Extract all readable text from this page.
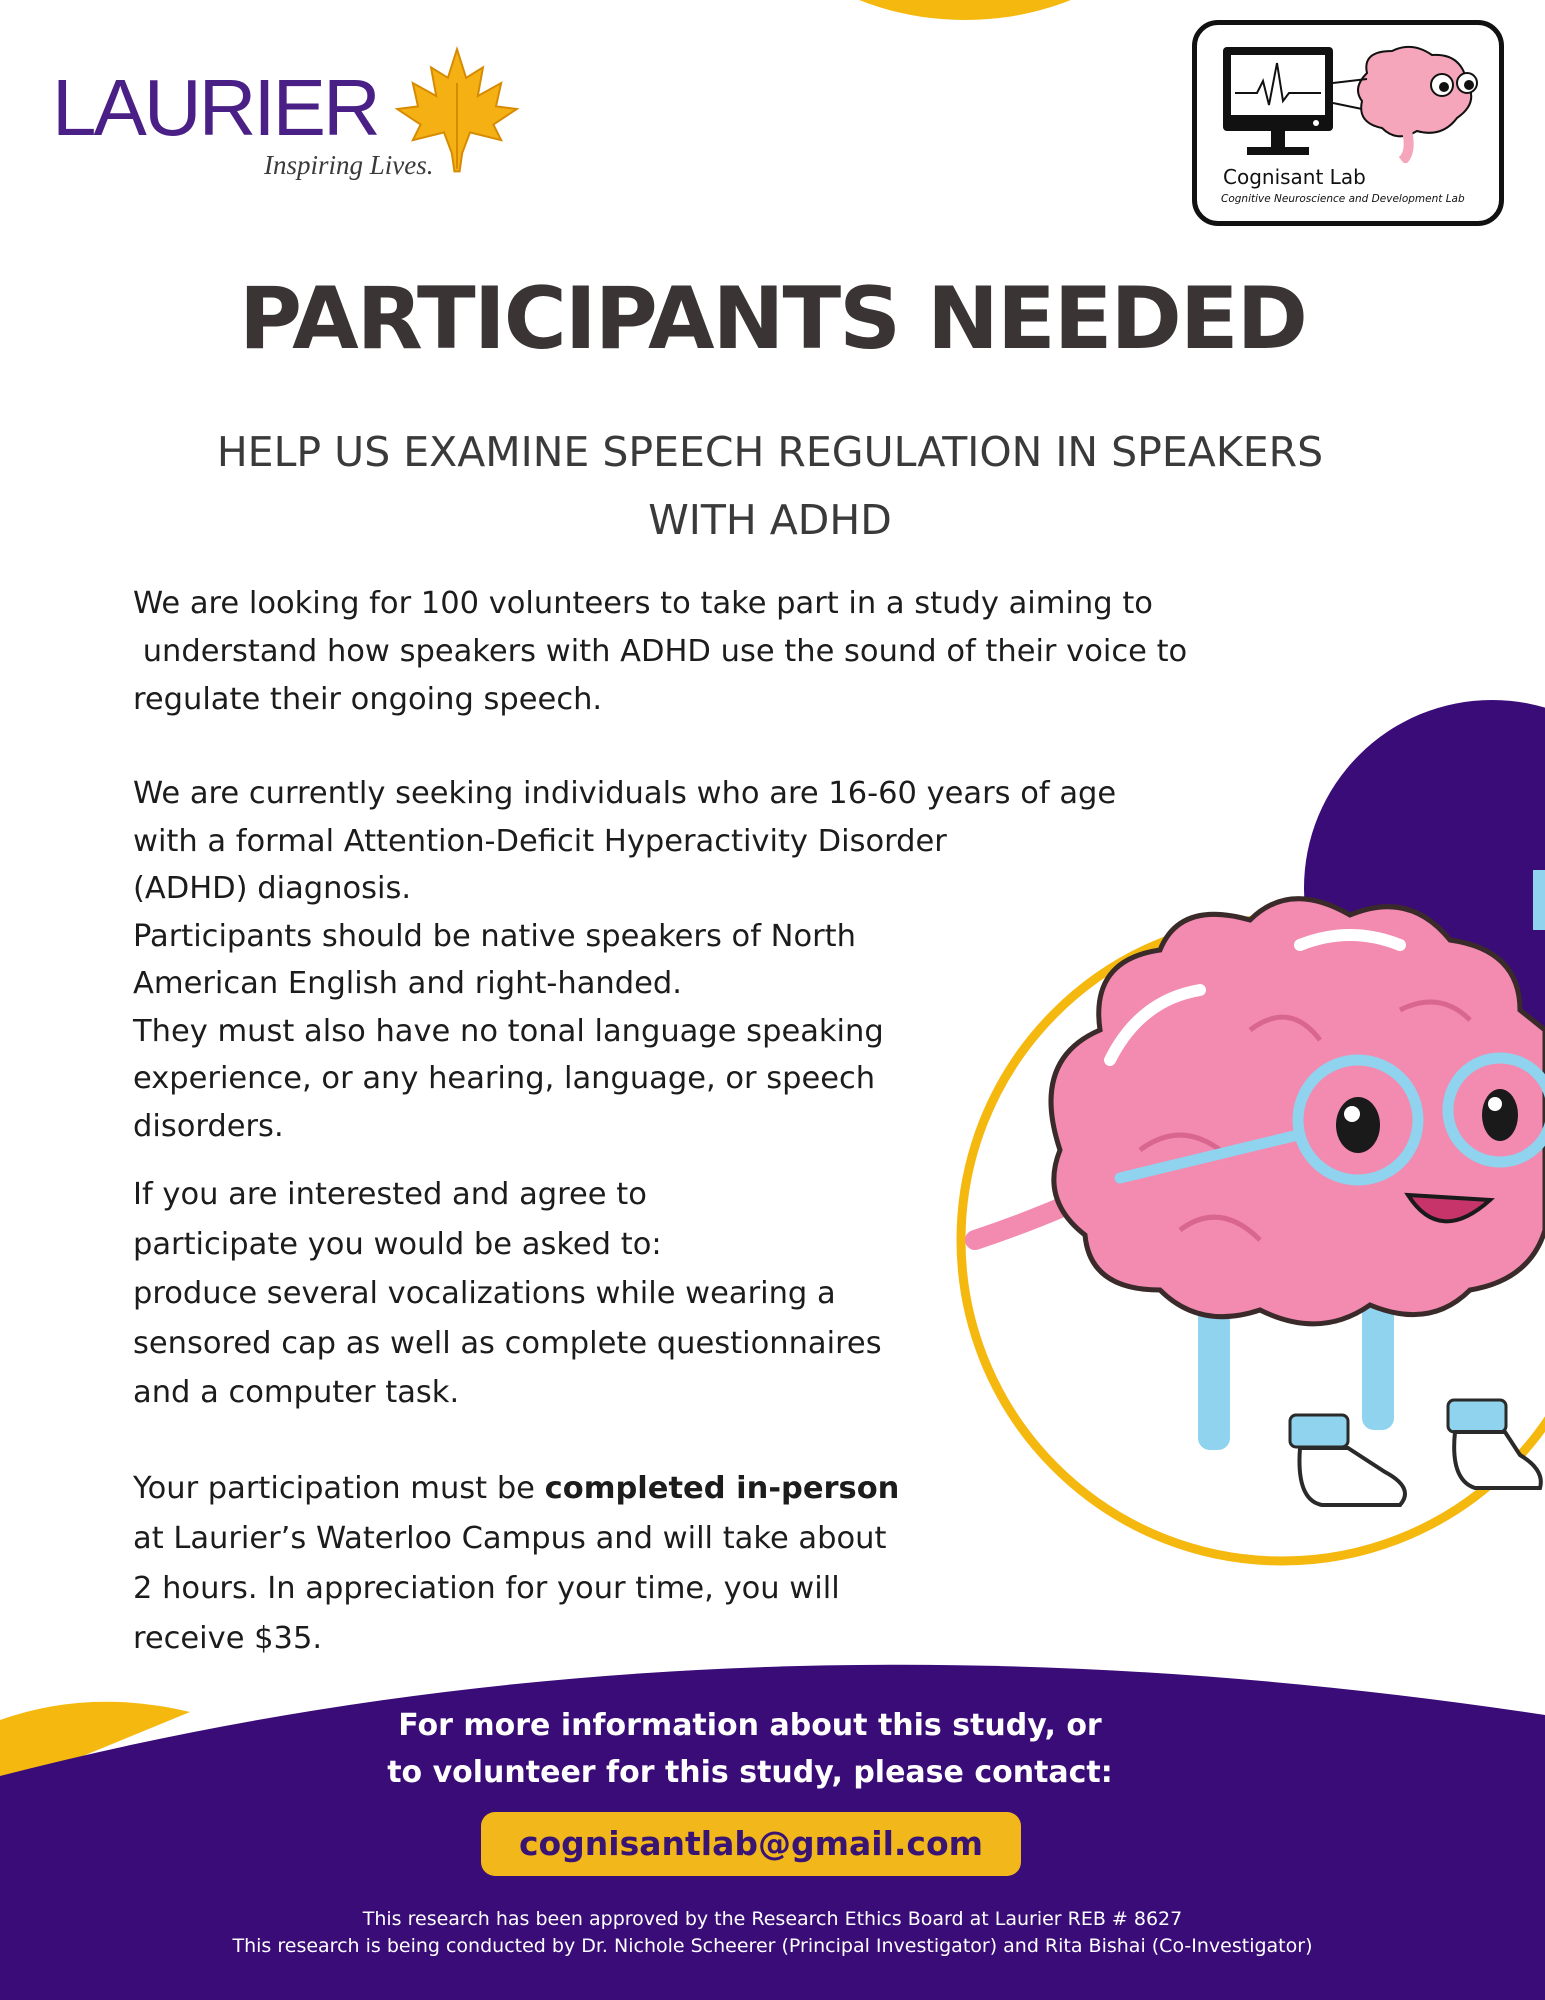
LAURIER
Inspiring Lives.	Cognisant Lab
Cognitive Neuroscience and Development Lab
PARTICIPANTS NEEDED
HELP US EXAMINE SPEECH REGULATION IN SPEAKERS
WITH ADHD
We are looking for 100 volunteers to take part in a study aiming to
understand how speakers with ADHD use the sound of their voice to
regulate their ongoing speech.
We are currently seeking individuals who are 16-60 years of age
with a formal Attention-Deficit Hyperactivity Disorder
(ADHD) diagnosis.
Participants should be native speakers of North
American English and right-handed.
They must also have no tonal language speaking
experience, or any hearing, language, or speech
disorders.
If you are interested and agree to
participate you would be asked to:
produce several vocalizations while wearing a
sensored cap as well as complete questionnaires
and a computer task.
Your participation must be completed in-person
at Laurier’s Waterloo Campus and will take about
2 hours. In appreciation for your time, you will
receive $35.
For more information about this study, or
to volunteer for this study, please contact:
cognisantlab@gmail.com
This research has been approved by the Research Ethics Board at Laurier REB # 8627
This research is being conducted by Dr. Nichole Scheerer (Principal Investigator) and Rita Bishai (Co-Investigator)
